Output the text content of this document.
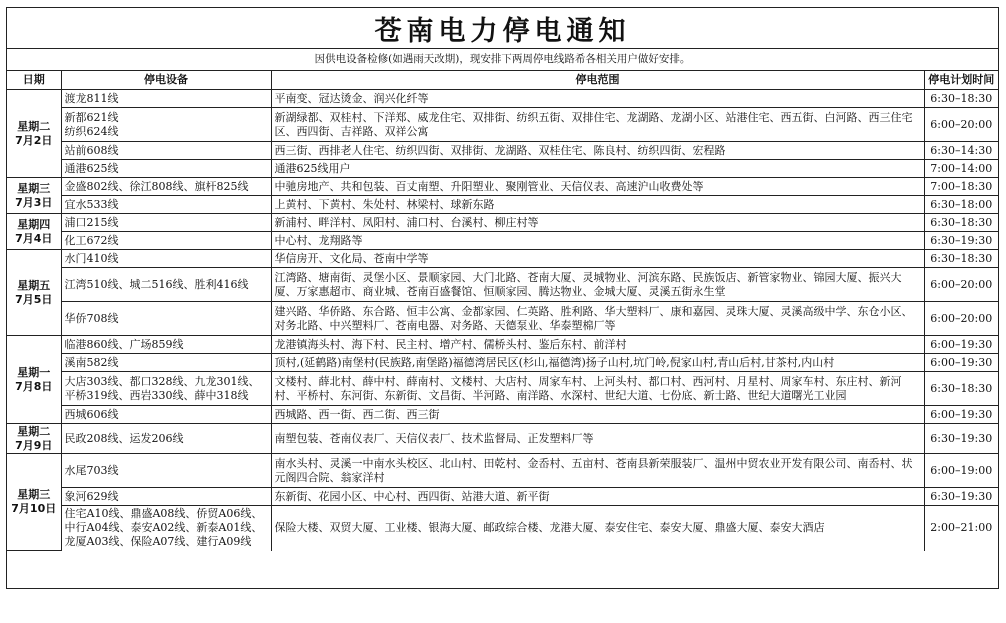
苍南电力停电通知
因供电设备检修(如遇雨天改期)，现安排下两周停电线路希各相关用户做好安排。
日期	停电设备	停电范围	停电计划时间

星期二
7月2日	渡龙811线	平南变、冠达烫金、润兴化纤等	6:30–18:30
	新都621线
纺织624线	新湖绿都、双桂村、下洋郑、威龙住宅、双排街、纺织五街、双排住宅、龙湖路、龙湖小区、站港住宅、西五街、白河路、西三住宅区、西四街、吉祥路、双祥公寓	6:00–20:00
	站前608线	西三街、西排老人住宅、纺织四街、双排街、龙湖路、双桂住宅、陈良村、纺织四街、宏程路	6:30–14:30
	通港625线	通港625线用户	7:00–14:00

星期三
7月3日	金盛802线、徐江808线、旗杆825线	中驰房地产、共和包装、百丈南塑、升阳塑业、聚刚管业、天信仪表、高速沪山收费处等	7:00–18:30
	宜水533线	上黄村、下黄村、朱处村、林梁村、球新东路	6:30–18:00

星期四
7月4日	浦口215线	新浦村、畔洋村、凤阳村、浦口村、台溪村、柳庄村等	6:30–18:30
	化工672线	中心村、龙翔路等	6:30–19:30

星期五
7月5日	水门410线	华信房开、文化局、苍南中学等	6:30–18:30
	江湾510线、城二516线、胜利416线	江湾路、塘南街、灵堡小区、景顺家园、大门北路、苍南大厦、灵城物业、河滨东路、民族饭店、新管家物业、锦园大厦、振兴大厦、万家惠超市、商业城、苍南百盛餐馆、恒顺家园、腾达物业、金城大厦、灵溪五街永生堂	6:00–20:00
	华侨708线	建兴路、华侨路、东合路、恒丰公寓、金都家园、仁英路、胜利路、华大塑料厂、康和嘉园、灵珠大厦、灵溪高级中学、东仓小区、对务北路、中兴塑料厂、苍南电器、对务路、天德泵业、华泰塑棉厂等	6:00–20:00

星期一
7月8日	临港860线、广场859线	龙港镇海头村、海下村、民主村、增产村、儒桥头村、鉴后东村、前洋村	6:00–19:30
	溪南582线	顶村,(延鹤路)南堡村(民族路,南堡路)福德湾居民区(杉山,福德湾)扬子山村,坑门岭,倪家山村,青山后村,甘茶村,内山村	6:00–19:30
	大店303线、都口328线、九龙301线、平桥319线、西岩330线、薛中318线	文楼村、薛北村、薛中村、薛南村、文楼村、大店村、周家车村、上河头村、都口村、西河村、月星村、周家车村、东庄村、新河村、平桥村、东河街、东新街、文昌街、半河路、南洋路、水深村、世纪大道、七份底、新士路、世纪大道曙光工业园	6:30–18:30
	西城606线	西城路、西一街、西二街、西三街	6:00–19:30

星期二
7月9日	民政208线、运发206线	南塑包装、苍南仪表厂、天信仪表厂、技术监督局、正发塑料厂等	6:30–19:30

星期三
7月10日	水尾703线	南水头村、灵溪一中南水头校区、北山村、田乾村、金岙村、五亩村、苍南县新荣服装厂、温州中贸农业开发有限公司、南岙村、状元阁四合院、翁家洋村	6:00–19:00
	象河629线	东新街、花园小区、中心村、西四街、站港大道、新平街	6:30–19:30
	住宅A10线、鼎盛A08线、侨贸A06线、中行A04线、泰安A02线、新泰A01线、龙厦A03线、保险A07线、建行A09线	保险大楼、双贸大厦、工业楼、银海大厦、邮政综合楼、龙港大厦、泰安住宅、泰安大厦、鼎盛大厦、泰安大酒店	2:00–21:00
